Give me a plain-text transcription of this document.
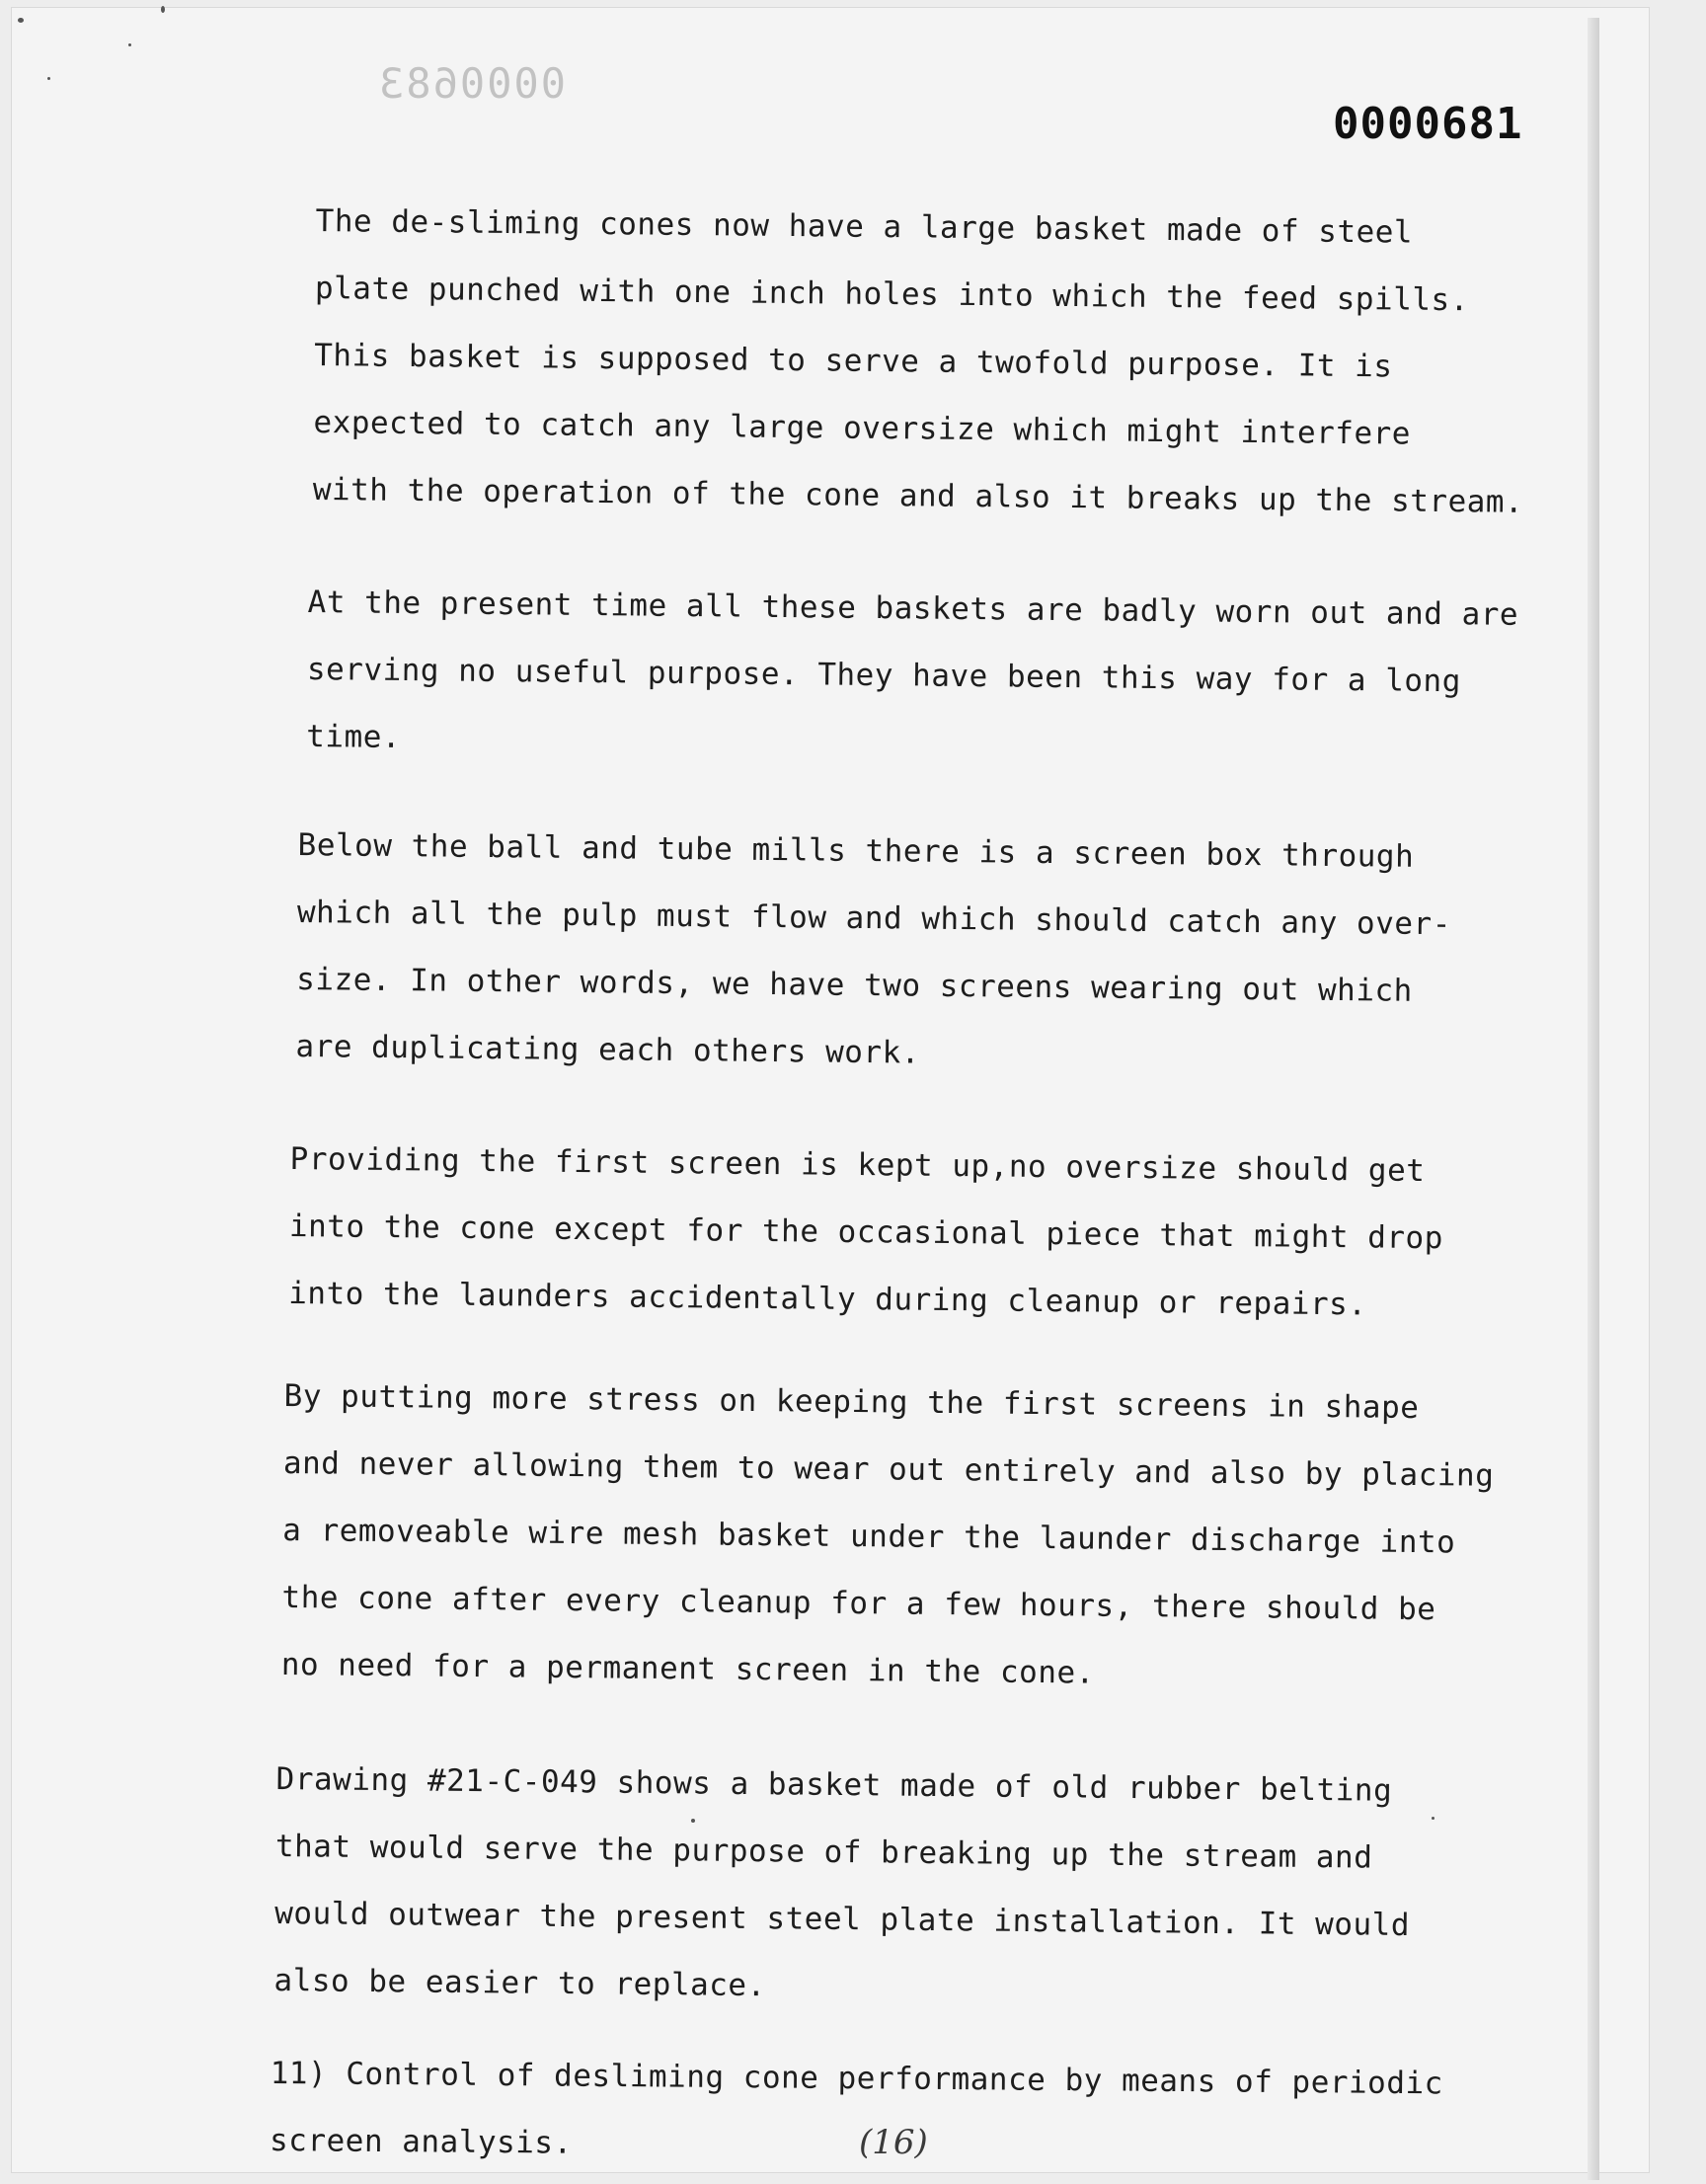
0000683
0000681

The de-sliming cones now have a large basket made of steel
plate punched with one inch holes into which the feed spills.
This basket is supposed to serve a twofold purpose. It is
expected to catch any large oversize which might interfere
with the operation of the cone and also it breaks up the stream.

At the present time all these baskets are badly worn out and are
serving no useful purpose. They have been this way for a long
time.

Below the ball and tube mills there is a screen box through
which all the pulp must flow and which should catch any over-
size. In other words, we have two screens wearing out which
are duplicating each others work.

Providing the first screen is kept up,no oversize should get
into the cone except for the occasional piece that might drop
into the launders accidentally during cleanup or repairs.

By putting more stress on keeping the first screens in shape
and never allowing them to wear out entirely and also by placing
a removeable wire mesh basket under the launder discharge into
the cone after every cleanup for a few hours, there should be
no need for a permanent screen in the cone.

Drawing #21-C-049 shows a basket made of old rubber belting
that would serve the purpose of breaking up the stream and
would outwear the present steel plate installation. It would
also be easier to replace.

11) Control of desliming cone performance by means of periodic
screen analysis.	(16)
